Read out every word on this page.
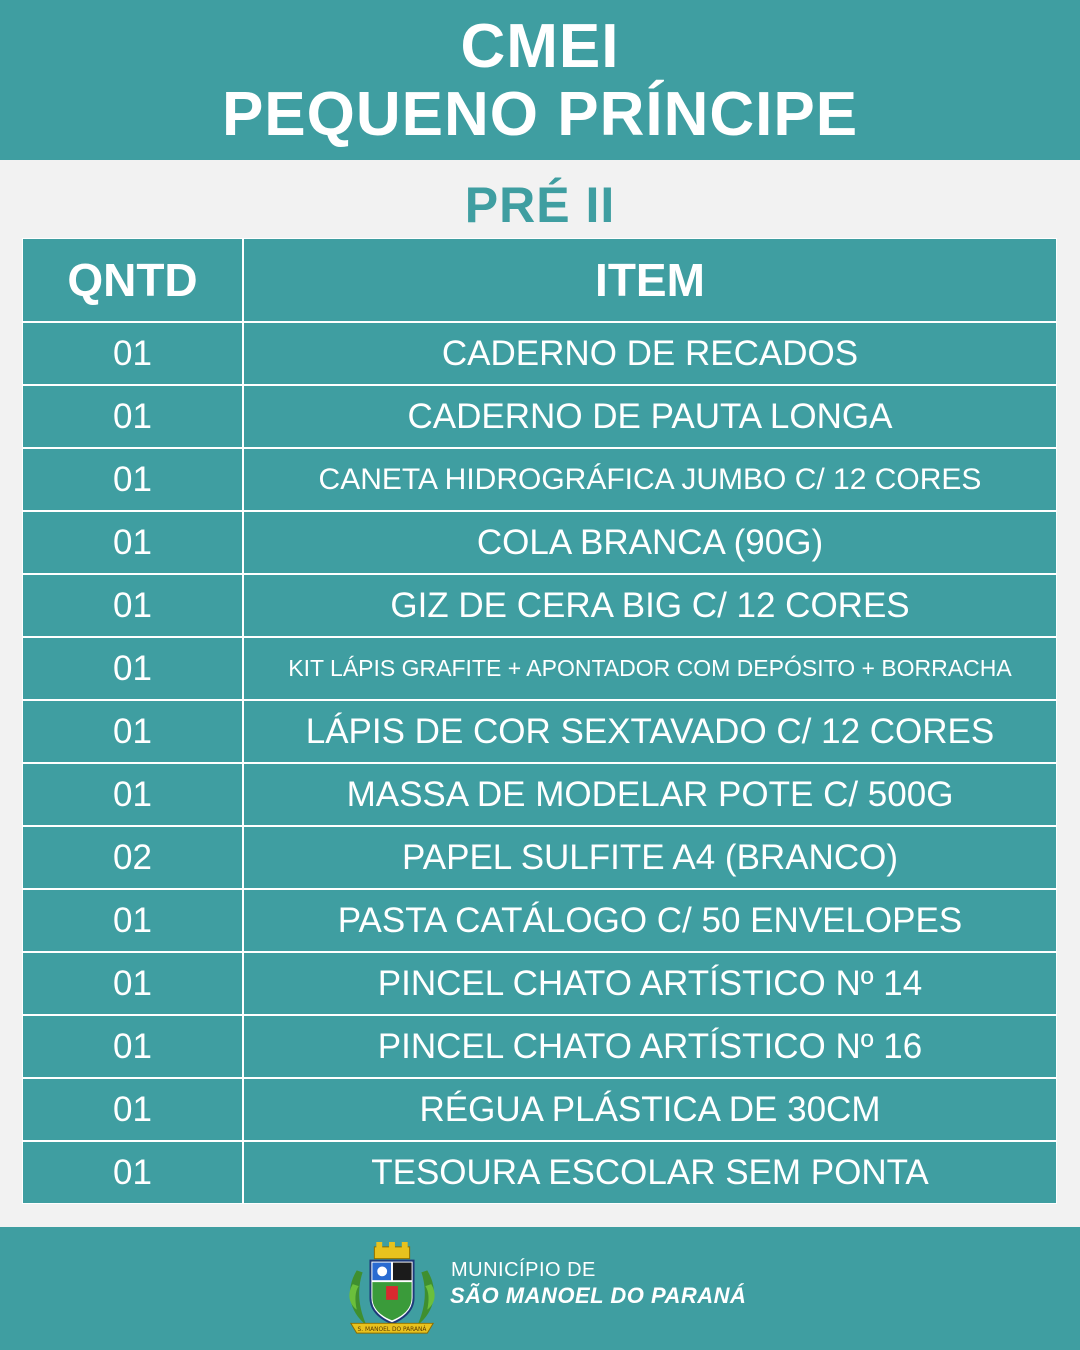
CMEI
PEQUENO PRÍNCIPE
PRÉ II
QNTD	ITEM
01	CADERNO DE RECADOS
01	CADERNO DE PAUTA LONGA
01	CANETA HIDROGRÁFICA JUMBO C/ 12 CORES
01	COLA BRANCA (90G)
01	GIZ DE CERA BIG C/ 12 CORES
01	KIT LÁPIS GRAFITE + APONTADOR COM DEPÓSITO + BORRACHA
01	LÁPIS DE COR SEXTAVADO C/ 12 CORES
01	MASSA DE MODELAR POTE C/ 500G
02	PAPEL SULFITE A4 (BRANCO)
01	PASTA CATÁLOGO C/ 50 ENVELOPES
01	PINCEL CHATO ARTÍSTICO Nº 14
01	PINCEL CHATO ARTÍSTICO Nº 16
01	RÉGUA PLÁSTICA DE 30CM
01	TESOURA ESCOLAR SEM PONTA
S. MANOEL DO PARANÁ
MUNICÍPIO DE
SÃO MANOEL DO PARANÁ
